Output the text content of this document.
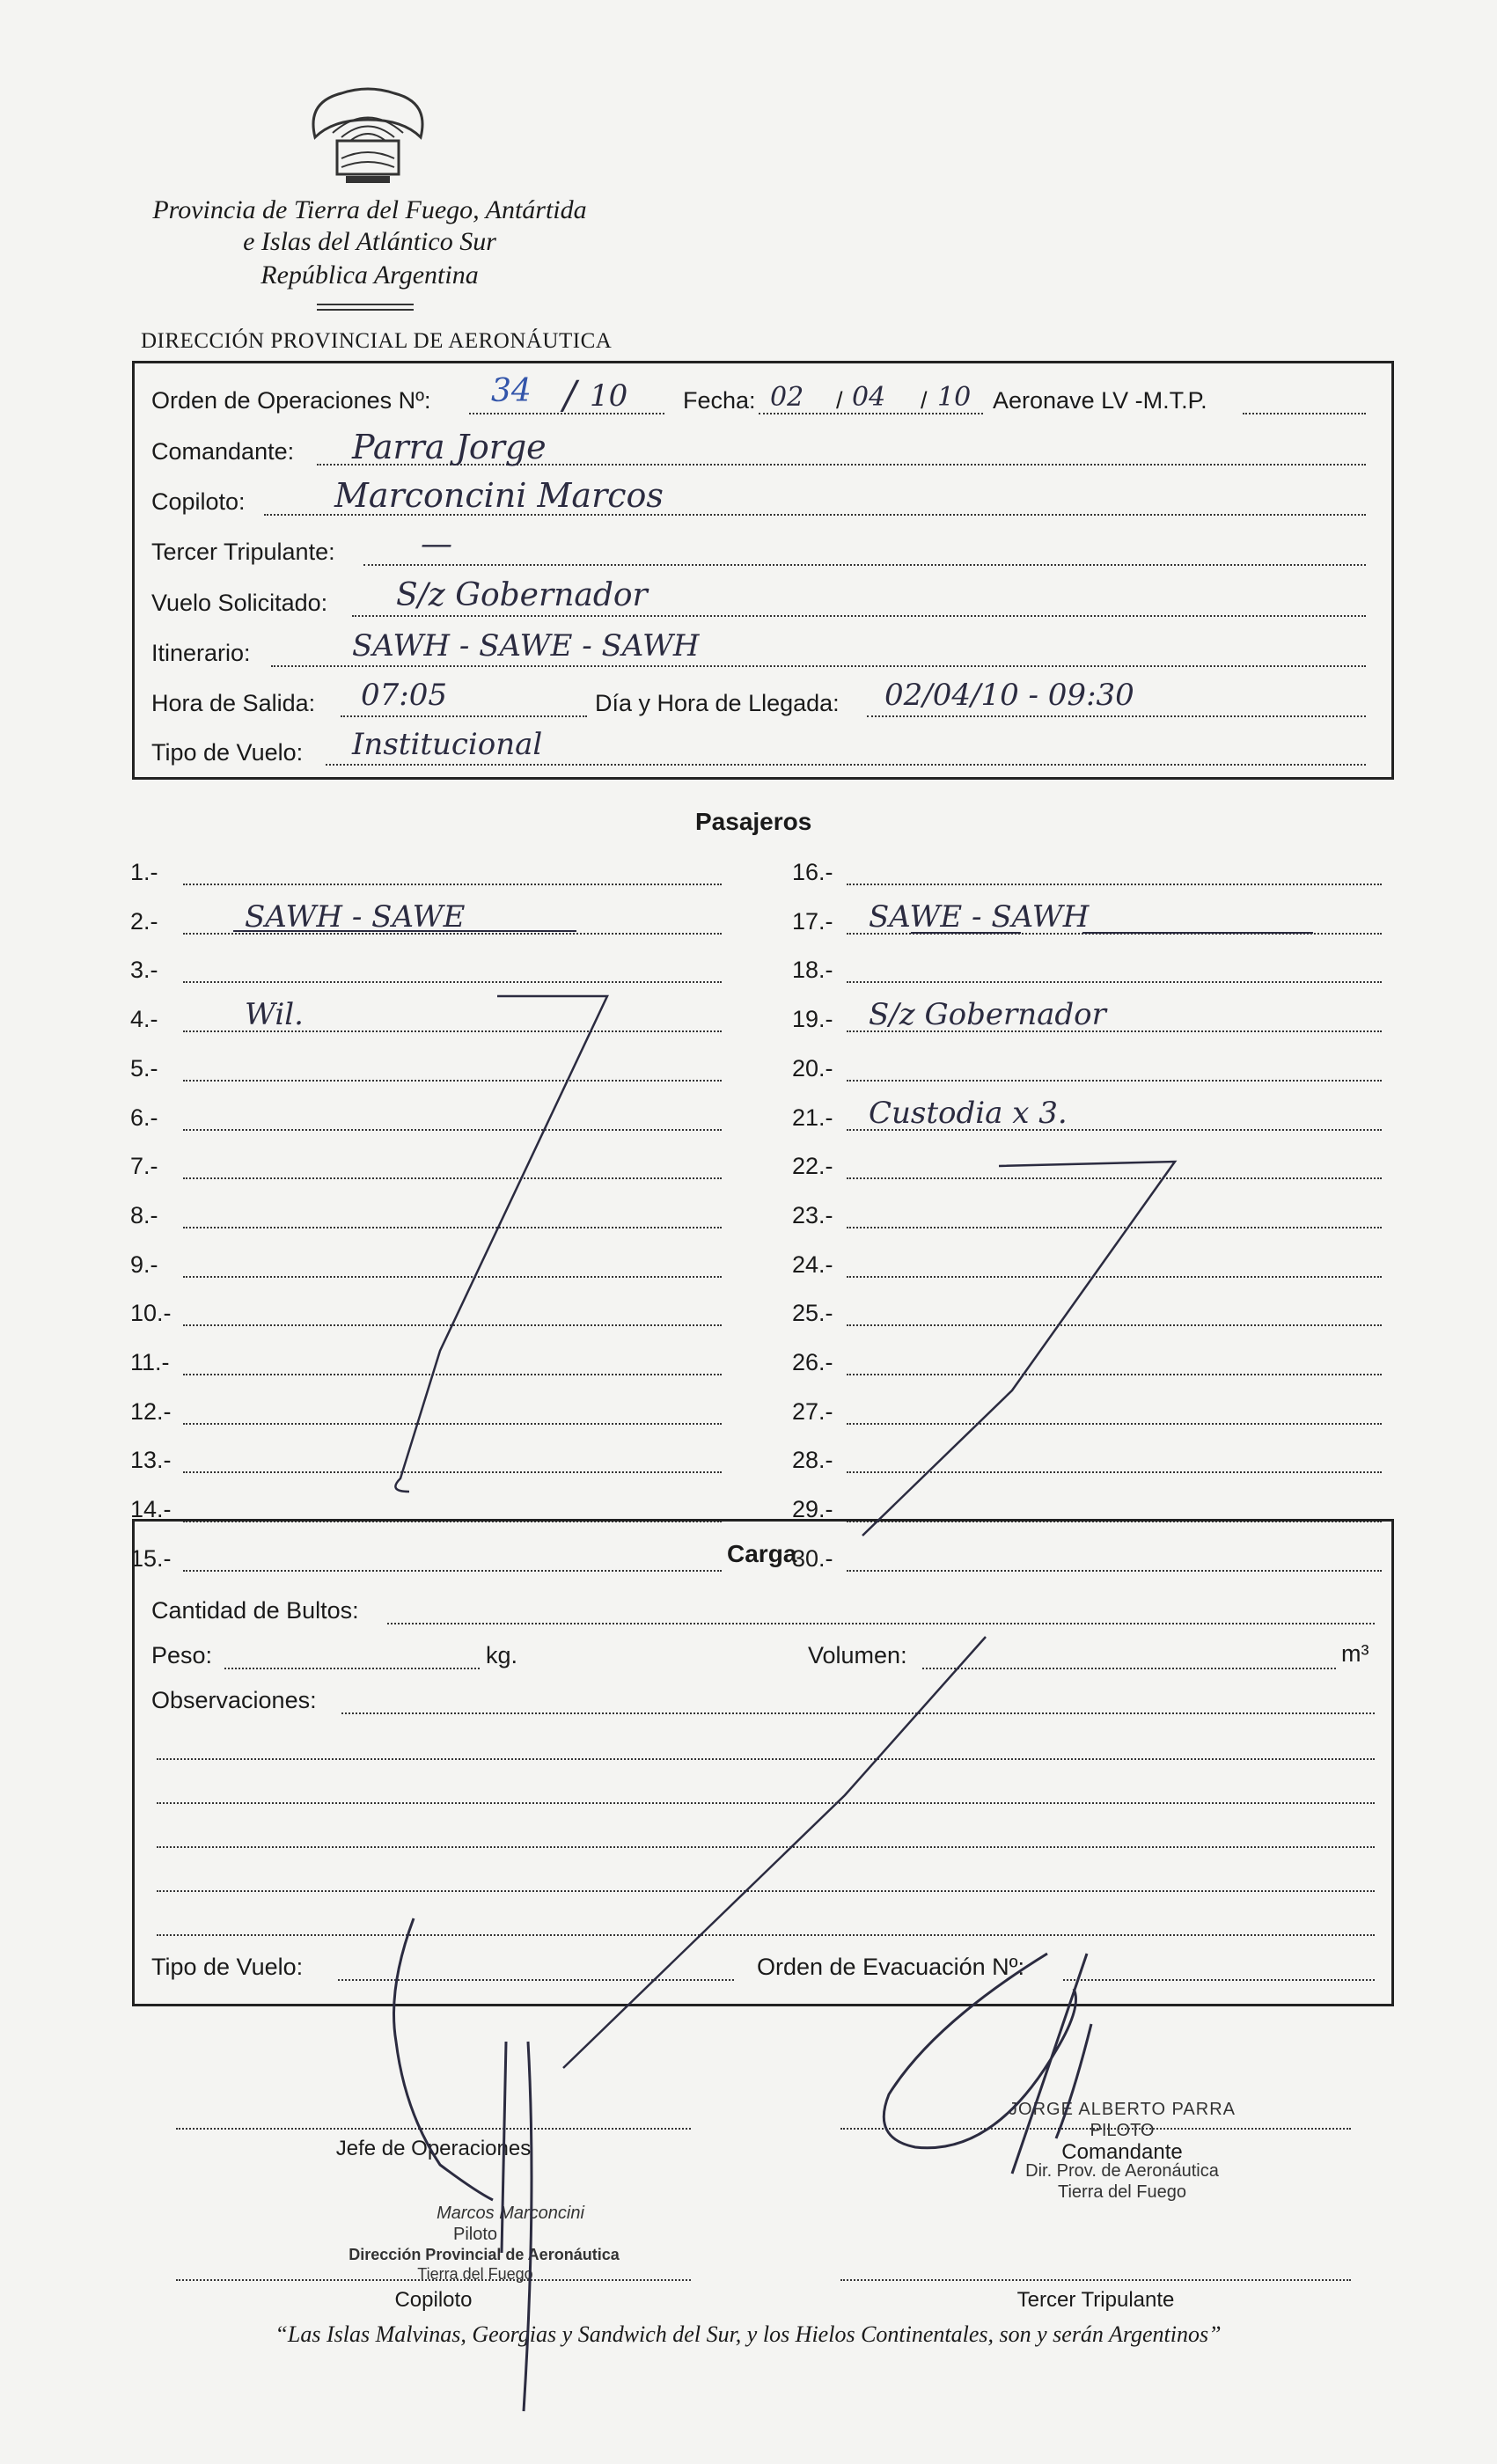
Provincia de Tierra del Fuego, Antártida
e Islas del Atlántico Sur
República Argentina
DIRECCIÓN PROVINCIAL DE AERONÁUTICA
Orden de Operaciones Nº: 34 / 10 Fecha: 02 / 04 / 10 Aeronave LV -M.T.P.
Comandante: Parra Jorge
Copiloto:	Marconcini Marcos
Tercer Tripulante:	—
Vuelo Solicitado: S/z Gobernador
Itinerario:	SAWH - SAWE - SAWH
Hora de Salida: 07:05	Día y Hora de Llegada: 02/04/10 - 09:30
Tipo de Vuelo: Institucional
Pasajeros
1.-
2.-	SAWH - SAWE
3.-
4.-	Wil.
5.-
6.-
7.-
8.-
9.-
10.-
11.-
12.-
13.-
14.-
15.-
16.-
17.- SAWE - SAWH
18.-
19.- S/z Gobernador
20.-
21.- Custodia x 3.
22.-
23.-
24.-
25.-
26.-
27.-
28.-
29.-
30.-
Carga
Cantidad de Bultos:
Peso:	kg.	Volumen:	m³
Observaciones:
Tipo de Vuelo:	Orden de Evacuación Nº:
Jefe de Operaciones	Comandante
JORGE ALBERTO PARRA
PILOTO
Dir. Prov. de Aeronáutica
Tierra del Fuego
Marcos Marconcini
Piloto
Dirección Provincial de Aeronáutica
Tierra del Fuego
Copiloto	Tercer Tripulante
“Las Islas Malvinas, Georgias y Sandwich del Sur, y los Hielos Continentales, son y serán Argentinos”
